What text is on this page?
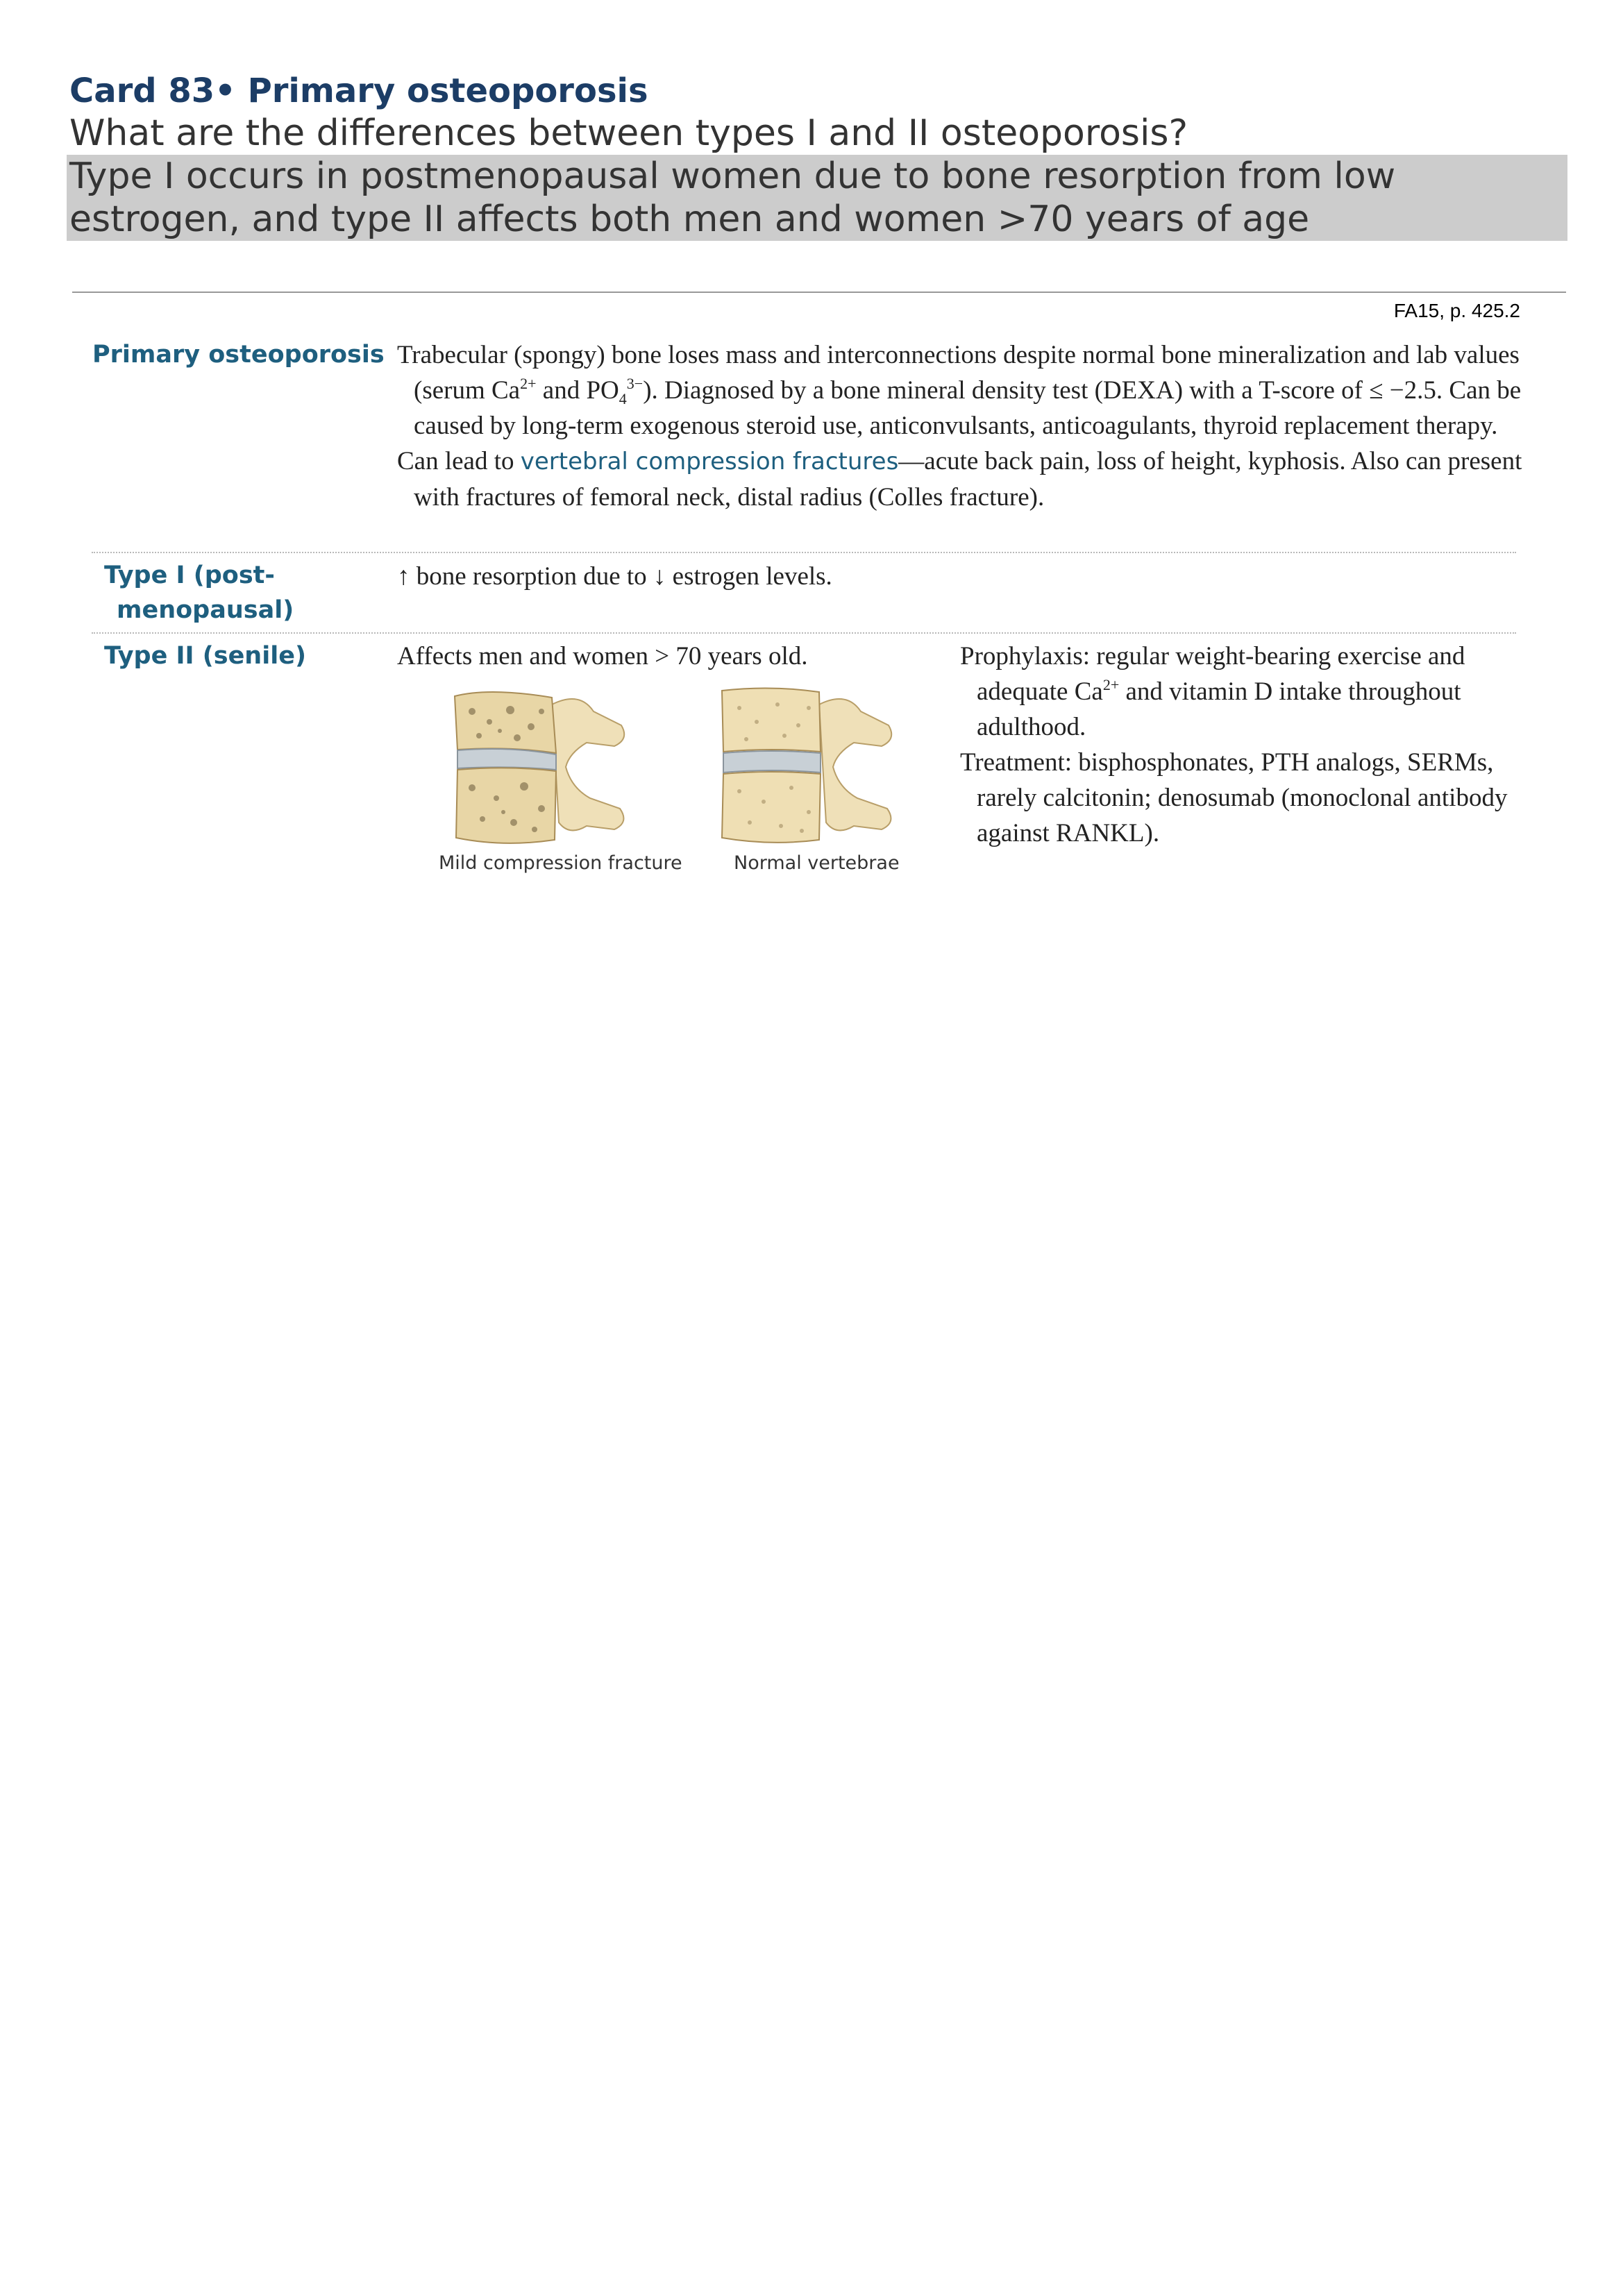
Card 83• Primary osteoporosis
What are the differences between types I and II osteoporosis?
Type I occurs in postmenopausal women due to bone resorption from low estrogen, and type II affects both men and women >70 years of age
FA15, p. 425.2
Primary osteoporosis Trabecular (spongy) bone loses mass and interconnections despite normal bone mineralization and lab values (serum $Ca^{2+}$ and $PO_4^{3-}$). Diagnosed by a bone mineral density test (DEXA) with a T-score of ≤ −2.5. Can be caused by long-term exogenous steroid use, anticonvulsants, anticoagulants, thyroid replacement therapy.

Can lead to vertebral compression fractures—acute back pain, loss of height, kyphosis. Also can present with fractures of femoral neck, distal radius (Colles fracture).

Type I (post-
menopausal)
↑ bone resorption due to ↓ estrogen levels.
Type II (senile)	Affects men and women > 70 years old.
Mild compression fracture	Normal vertebrae

Prophylaxis: regular weight-bearing exercise and adequate $Ca^{2+}$ and vitamin D intake throughout adulthood.

Treatment: bisphosphonates, PTH analogs, SERMs, rarely calcitonin; denosumab (monoclonal antibody against RANKL).
